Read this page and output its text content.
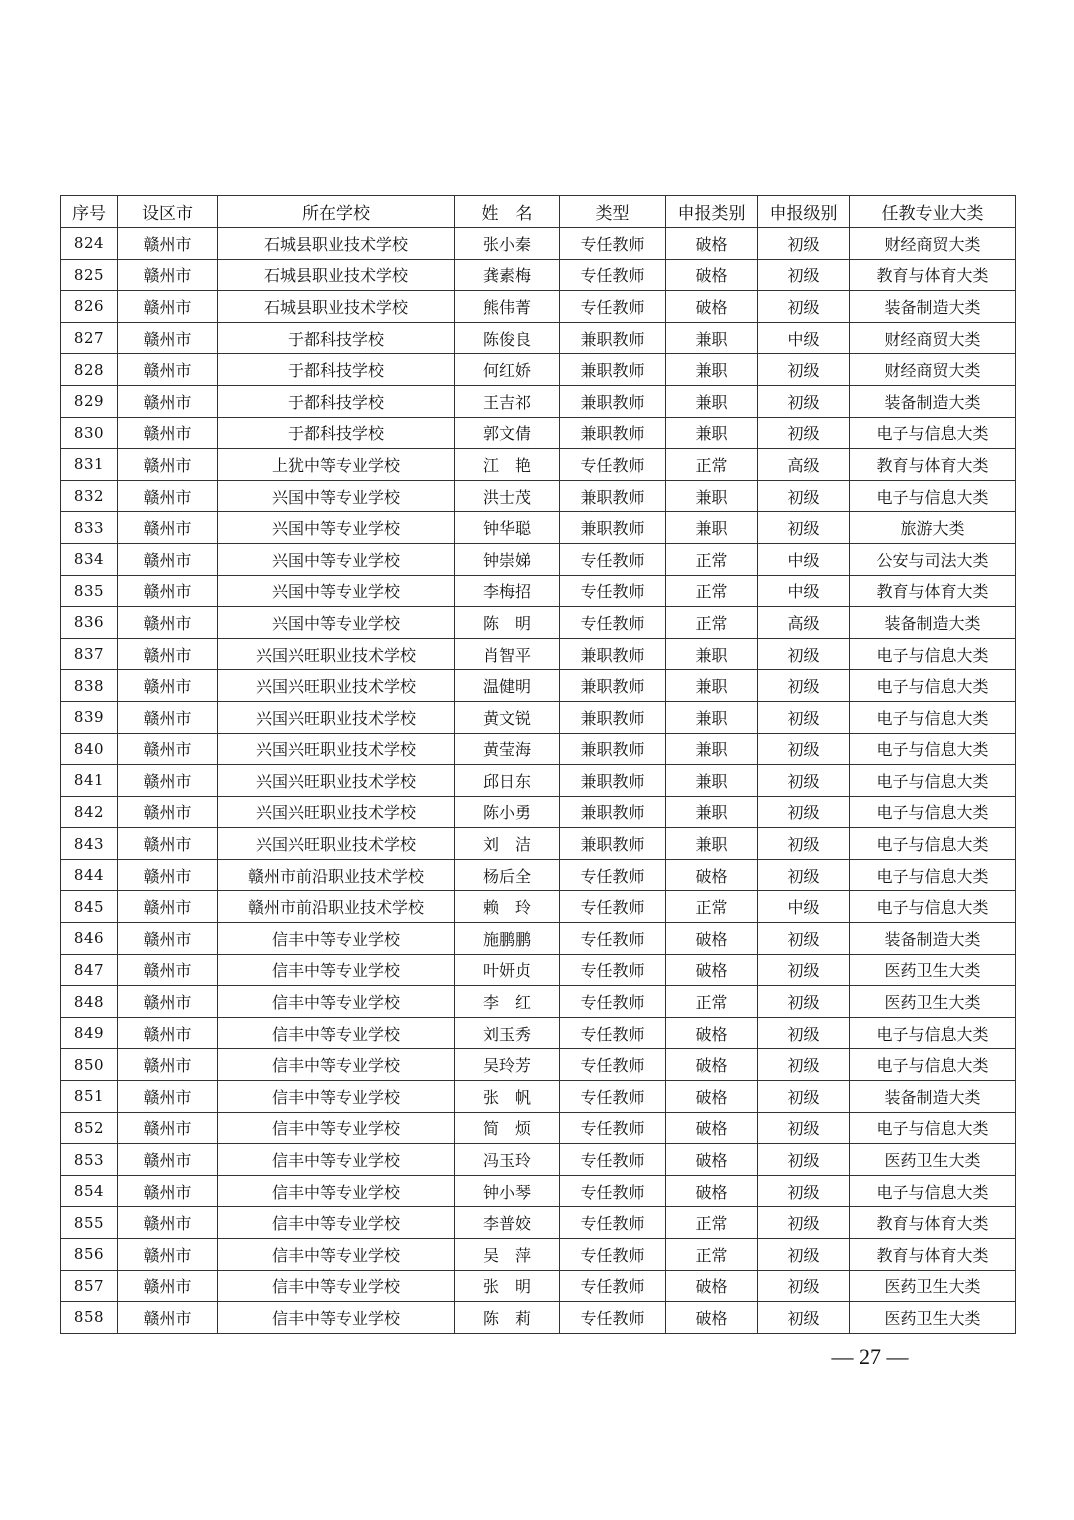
序号	设区市	所在学校	姓　名	类型	申报类别	申报级别	任教专业大类
824	赣州市	石城县职业技术学校	张小秦	专任教师	破格	初级	财经商贸大类
825	赣州市	石城县职业技术学校	龚素梅	专任教师	破格	初级	教育与体育大类
826	赣州市	石城县职业技术学校	熊伟菁	专任教师	破格	初级	装备制造大类
827	赣州市	于都科技学校	陈俊良	兼职教师	兼职	中级	财经商贸大类
828	赣州市	于都科技学校	何红娇	兼职教师	兼职	初级	财经商贸大类
829	赣州市	于都科技学校	王吉祁	兼职教师	兼职	初级	装备制造大类
830	赣州市	于都科技学校	郭文倩	兼职教师	兼职	初级	电子与信息大类
831	赣州市	上犹中等专业学校	江　艳	专任教师	正常	高级	教育与体育大类
832	赣州市	兴国中等专业学校	洪士茂	兼职教师	兼职	初级	电子与信息大类
833	赣州市	兴国中等专业学校	钟华聪	兼职教师	兼职	初级	旅游大类
834	赣州市	兴国中等专业学校	钟崇娣	专任教师	正常	中级	公安与司法大类
835	赣州市	兴国中等专业学校	李梅招	专任教师	正常	中级	教育与体育大类
836	赣州市	兴国中等专业学校	陈　明	专任教师	正常	高级	装备制造大类
837	赣州市	兴国兴旺职业技术学校	肖智平	兼职教师	兼职	初级	电子与信息大类
838	赣州市	兴国兴旺职业技术学校	温健明	兼职教师	兼职	初级	电子与信息大类
839	赣州市	兴国兴旺职业技术学校	黄文锐	兼职教师	兼职	初级	电子与信息大类
840	赣州市	兴国兴旺职业技术学校	黄莹海	兼职教师	兼职	初级	电子与信息大类
841	赣州市	兴国兴旺职业技术学校	邱日东	兼职教师	兼职	初级	电子与信息大类
842	赣州市	兴国兴旺职业技术学校	陈小勇	兼职教师	兼职	初级	电子与信息大类
843	赣州市	兴国兴旺职业技术学校	刘　洁	兼职教师	兼职	初级	电子与信息大类
844	赣州市	赣州市前沿职业技术学校	杨后全	专任教师	破格	初级	电子与信息大类
845	赣州市	赣州市前沿职业技术学校	赖　玲	专任教师	正常	中级	电子与信息大类
846	赣州市	信丰中等专业学校	施鹏鹏	专任教师	破格	初级	装备制造大类
847	赣州市	信丰中等专业学校	叶妍贞	专任教师	破格	初级	医药卫生大类
848	赣州市	信丰中等专业学校	李　红	专任教师	正常	初级	医药卫生大类
849	赣州市	信丰中等专业学校	刘玉秀	专任教师	破格	初级	电子与信息大类
850	赣州市	信丰中等专业学校	吴玲芳	专任教师	破格	初级	电子与信息大类
851	赣州市	信丰中等专业学校	张　帆	专任教师	破格	初级	装备制造大类
852	赣州市	信丰中等专业学校	简　烦	专任教师	破格	初级	电子与信息大类
853	赣州市	信丰中等专业学校	冯玉玲	专任教师	破格	初级	医药卫生大类
854	赣州市	信丰中等专业学校	钟小琴	专任教师	破格	初级	电子与信息大类
855	赣州市	信丰中等专业学校	李普姣	专任教师	正常	初级	教育与体育大类
856	赣州市	信丰中等专业学校	吴　萍	专任教师	正常	初级	教育与体育大类
857	赣州市	信丰中等专业学校	张　明	专任教师	破格	初级	医药卫生大类
858	赣州市	信丰中等专业学校	陈　莉	专任教师	破格	初级	医药卫生大类
— 27 —
